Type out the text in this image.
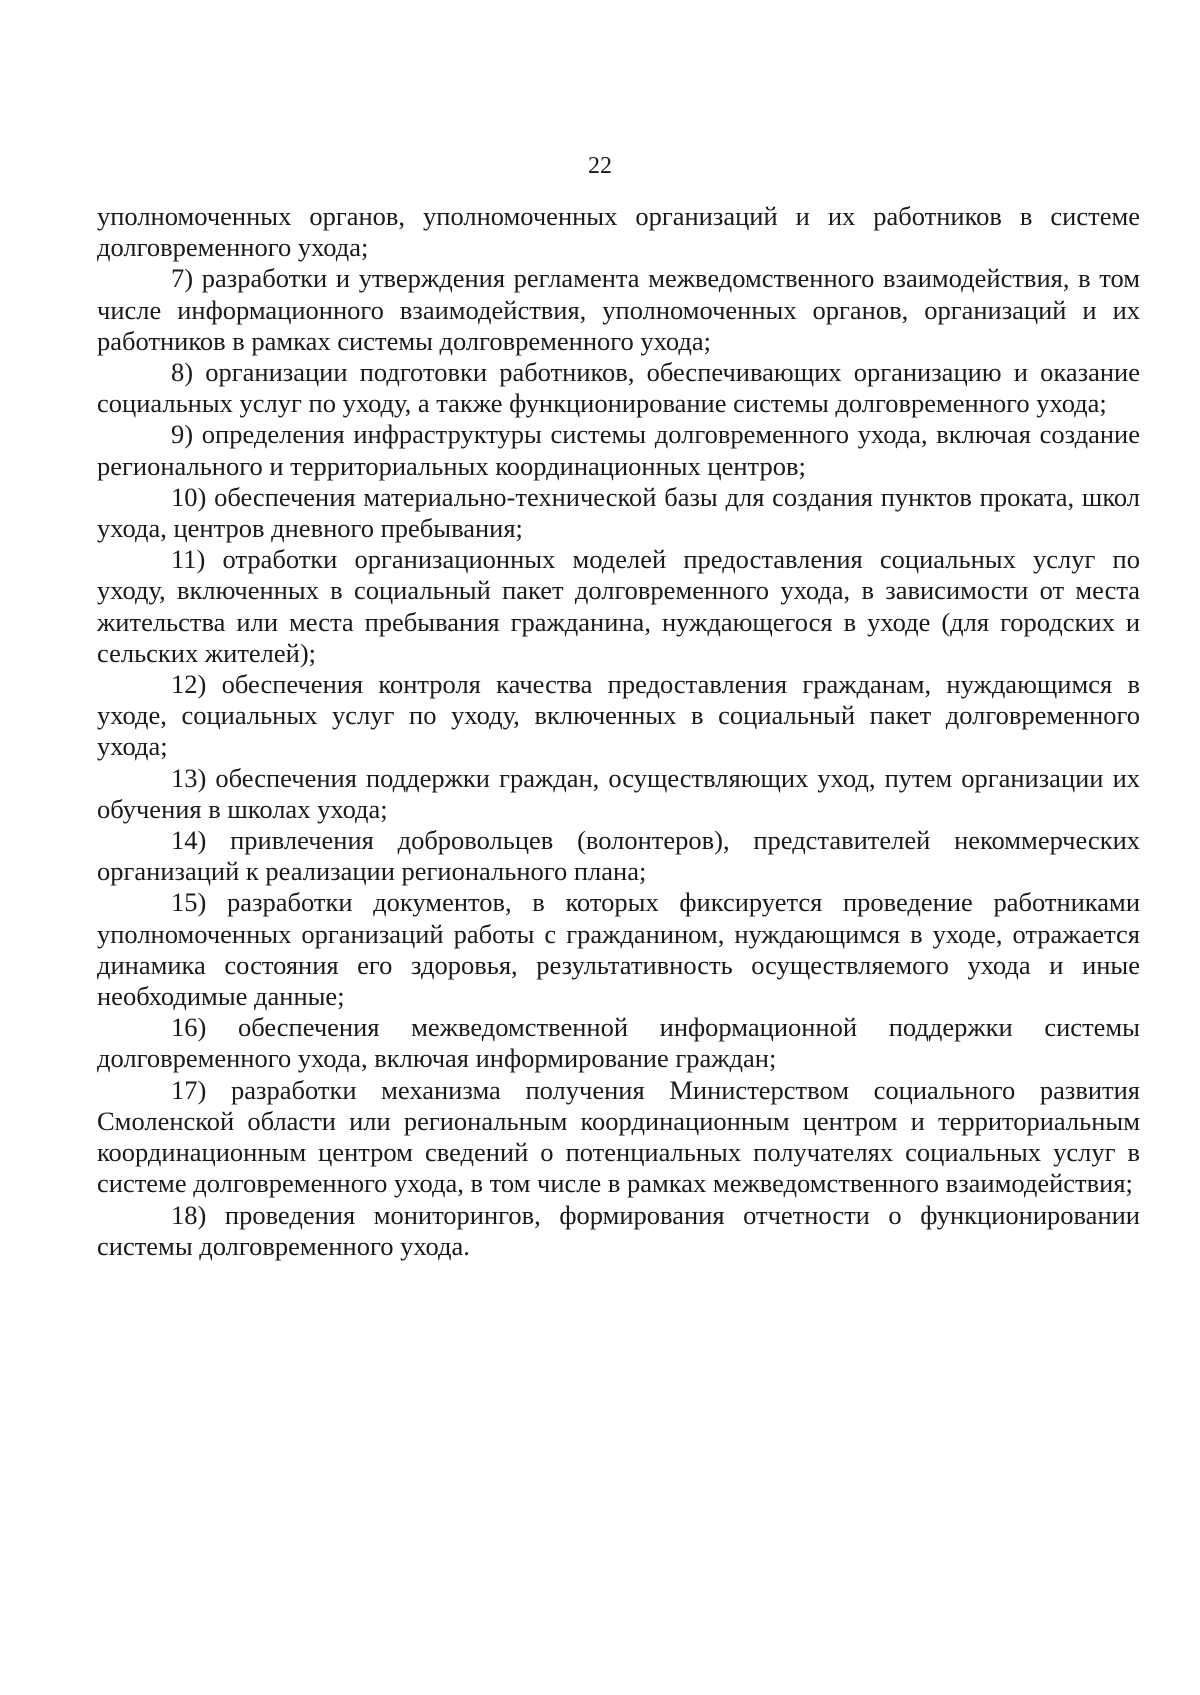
22

уполномоченных органов, уполномоченных организаций и их работников в системе долговременного ухода;

7) разработки и утверждения регламента межведомственного взаимодействия, в том числе информационного взаимодействия, уполномоченных органов, организаций и их работников в рамках системы долговременного ухода;

8) организации подготовки работников, обеспечивающих организацию и оказание социальных услуг по уходу, а также функционирование системы долговременного ухода;

9) определения инфраструктуры системы долговременного ухода, включая создание регионального и территориальных координационных центров;

10) обеспечения материально-технической базы для создания пунктов проката, школ ухода, центров дневного пребывания;

11) отработки организационных моделей предоставления социальных услуг по уходу, включенных в социальный пакет долговременного ухода, в зависимости от места жительства или места пребывания гражданина, нуждающегося в уходе (для городских и сельских жителей);

12) обеспечения контроля качества предоставления гражданам, нуждающимся в уходе, социальных услуг по уходу, включенных в социальный пакет долговременного ухода;

13) обеспечения поддержки граждан, осуществляющих уход, путем организации их обучения в школах ухода;

14) привлечения добровольцев (волонтеров), представителей некоммерческих организаций к реализации регионального плана;

15) разработки документов, в которых фиксируется проведение работниками уполномоченных организаций работы с гражданином, нуждающимся в уходе, отражается динамика состояния его здоровья, результативность осуществляемого ухода и иные необходимые данные;

16) обеспечения межведомственной информационной поддержки системы долговременного ухода, включая информирование граждан;

17) разработки механизма получения Министерством социального развития Смоленской области или региональным координационным центром и территориальным координационным центром сведений о потенциальных получателях социальных услуг в системе долговременного ухода, в том числе в рамках межведомственного взаимодействия;

18) проведения мониторингов, формирования отчетности о функционировании системы долговременного ухода.
